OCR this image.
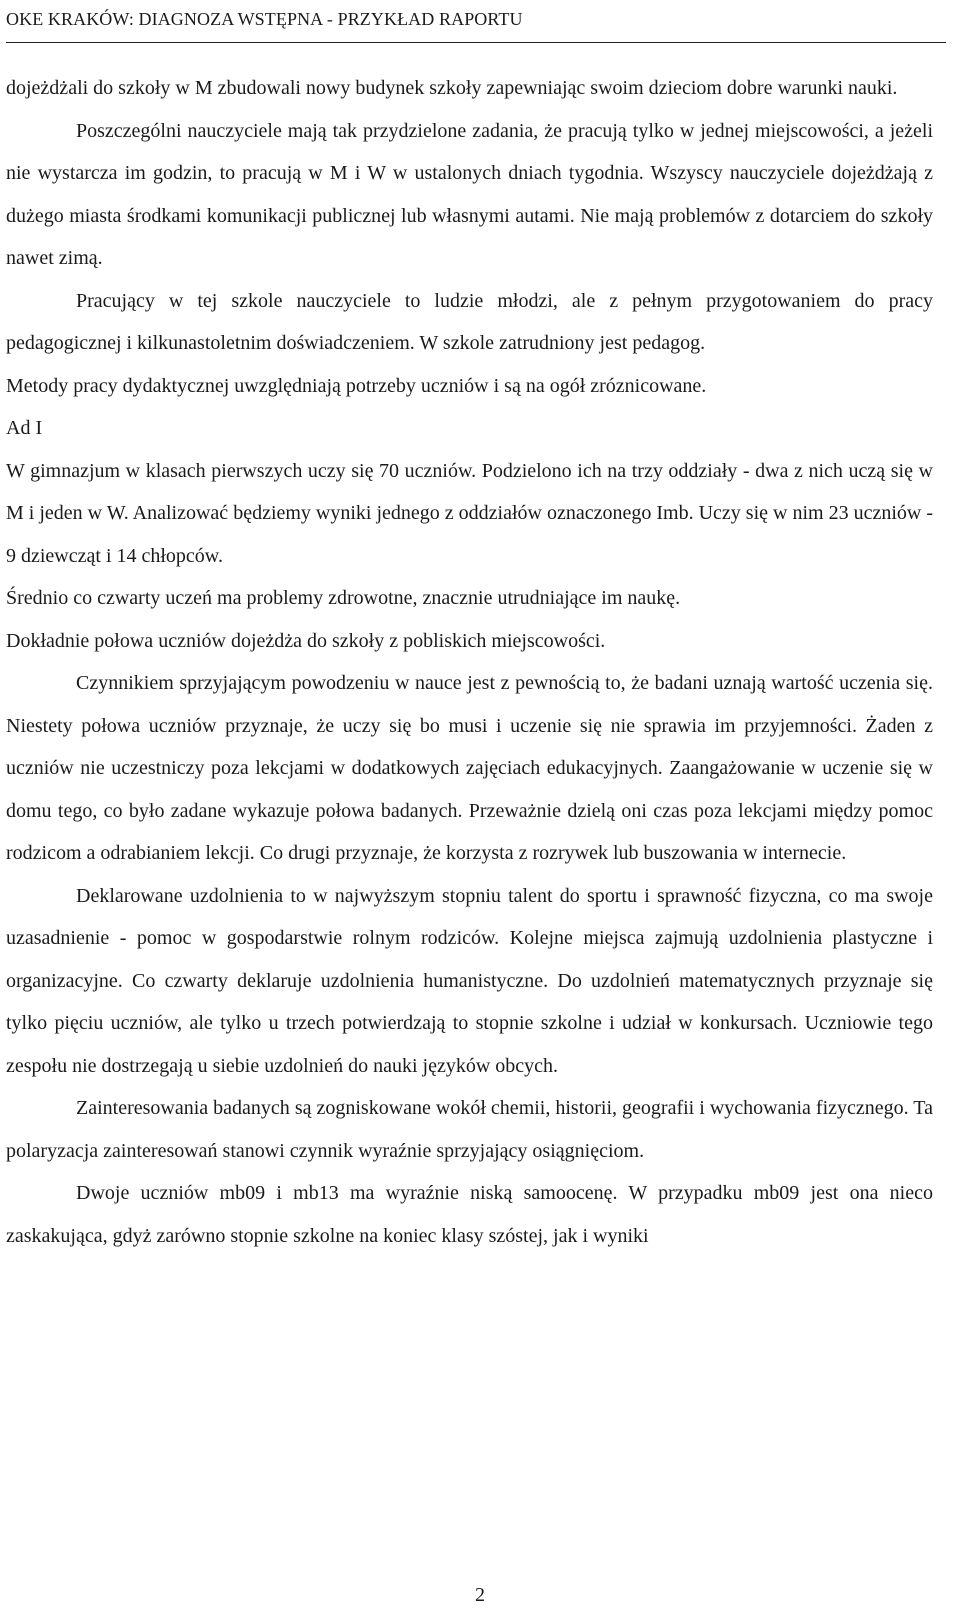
OKE KRAKÓW: DIAGNOZA WSTĘPNA - PRZYKŁAD RAPORTU

dojeżdżali do szkoły w M zbudowali nowy budynek szkoły zapewniając swoim dzieciom dobre warunki nauki.

Poszczególni nauczyciele mają tak przydzielone zadania, że pracują tylko w jednej miejscowości, a jeżeli nie wystarcza im godzin, to pracują w M i W w ustalonych dniach tygodnia. Wszyscy nauczyciele dojeżdżają z dużego miasta środkami komunikacji publicznej lub własnymi autami. Nie mają problemów z dotarciem do szkoły nawet zimą.

Pracujący w tej szkole nauczyciele to ludzie młodzi, ale z pełnym przygotowaniem do pracy pedagogicznej i kilkunastoletnim doświadczeniem. W szkole zatrudniony jest pedagog.

Metody pracy dydaktycznej uwzględniają potrzeby uczniów i są na ogół zróznicowane.

Ad I

W gimnazjum w klasach pierwszych uczy się 70 uczniów. Podzielono ich na trzy oddziały - dwa z nich uczą się w M i jeden w W. Analizować będziemy wyniki jednego z oddziałów oznaczonego Imb. Uczy się w nim 23 uczniów - 9 dziewcząt i 14 chłopców.

Średnio co czwarty uczeń ma problemy zdrowotne, znacznie utrudniające im naukę.

Dokładnie połowa uczniów dojeżdża do szkoły z pobliskich miejscowości.

Czynnikiem sprzyjającym powodzeniu w nauce jest z pewnością to, że badani uznają wartość uczenia się. Niestety połowa uczniów przyznaje, że uczy się bo musi i uczenie się nie sprawia im przyjemności. Żaden z uczniów nie uczestniczy poza lekcjami w dodatkowych zajęciach edukacyjnych. Zaangażowanie w uczenie się w domu tego, co było zadane wykazuje połowa badanych. Przeważnie dzielą oni czas poza lekcjami między pomoc rodzicom a odrabianiem lekcji. Co drugi przyznaje, że korzysta z rozrywek lub buszowania w internecie.

Deklarowane uzdolnienia to w najwyższym stopniu talent do sportu i sprawność fizyczna, co ma swoje uzasadnienie - pomoc w gospodarstwie rolnym rodziców. Kolejne miejsca zajmują uzdolnienia plastyczne i organizacyjne. Co czwarty deklaruje uzdolnienia humanistyczne. Do uzdolnień matematycznych przyznaje się tylko pięciu uczniów, ale tylko u trzech potwierdzają to stopnie szkolne i udział w konkursach. Uczniowie tego zespołu nie dostrzegają u siebie uzdolnień do nauki języków obcych.

Zainteresowania badanych są zogniskowane wokół chemii, historii, geografii i wychowania fizycznego. Ta polaryzacja zainteresowań stanowi czynnik wyraźnie sprzyjający osiągnięciom.

Dwoje uczniów mb09 i mb13 ma wyraźnie niską samoocenę. W przypadku mb09 jest ona nieco zaskakująca, gdyż zarówno stopnie szkolne na koniec klasy szóstej, jak i wyniki

2
